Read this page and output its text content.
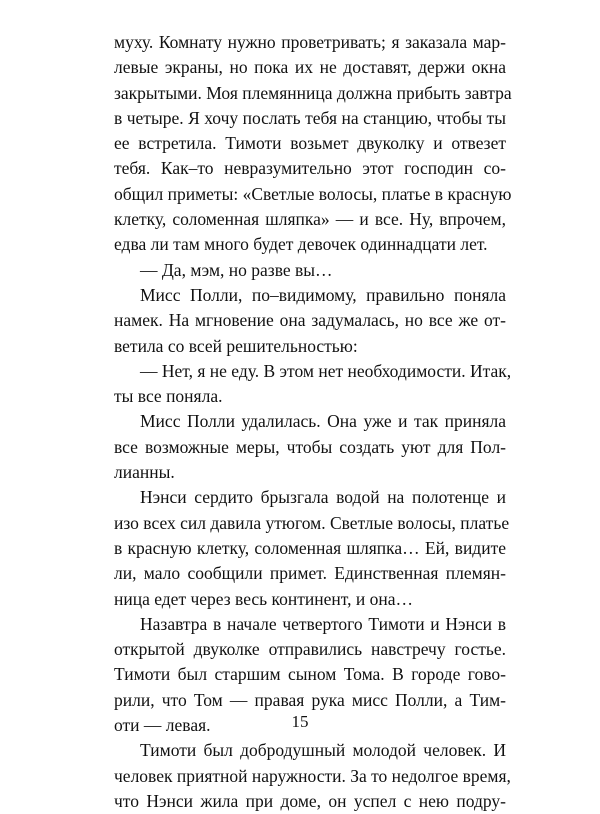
муху. Комнату нужно проветривать; я заказала мар-
левые экраны, но пока их не доставят, держи окна
закрытыми. Моя племянница должна прибыть завтра
в четыре. Я хочу послать тебя на станцию, чтобы ты
ее встретила. Тимоти возьмет двуколку и отвезет
тебя. Как–то невразумительно этот господин со-
общил приметы: «Светлые волосы, платье в красную
клетку, соломенная шляпка» — и все. Ну, впрочем,
едва ли там много будет девочек одиннадцати лет.

— Да, мэм, но разве вы…

Мисс Полли, по–видимому, правильно поняла
намек. На мгновение она задумалась, но все же от-
ветила со всей решительностью:

— Нет, я не еду. В этом нет необходимости. Итак,
ты все поняла.

Мисс Полли удалилась. Она уже и так приняла
все возможные меры, чтобы создать уют для Пол-
лианны.

Нэнси сердито брызгала водой на полотенце и
изо всех сил давила утюгом. Светлые волосы, платье
в красную клетку, соломенная шляпка… Ей, видите
ли, мало сообщили примет. Единственная племян-
ница едет через весь континент, и она…

Назавтра в начале четвертого Тимоти и Нэнси в
открытой двуколке отправились навстречу гостье.
Тимоти был старшим сыном Тома. В городе гово-
рили, что Том — правая рука мисс Полли, а Тим-
оти — левая.

Тимоти был добродушный молодой человек. И
человек приятной наружности. За то недолгое время,
что Нэнси жила при доме, он успел с нею подру-

15
